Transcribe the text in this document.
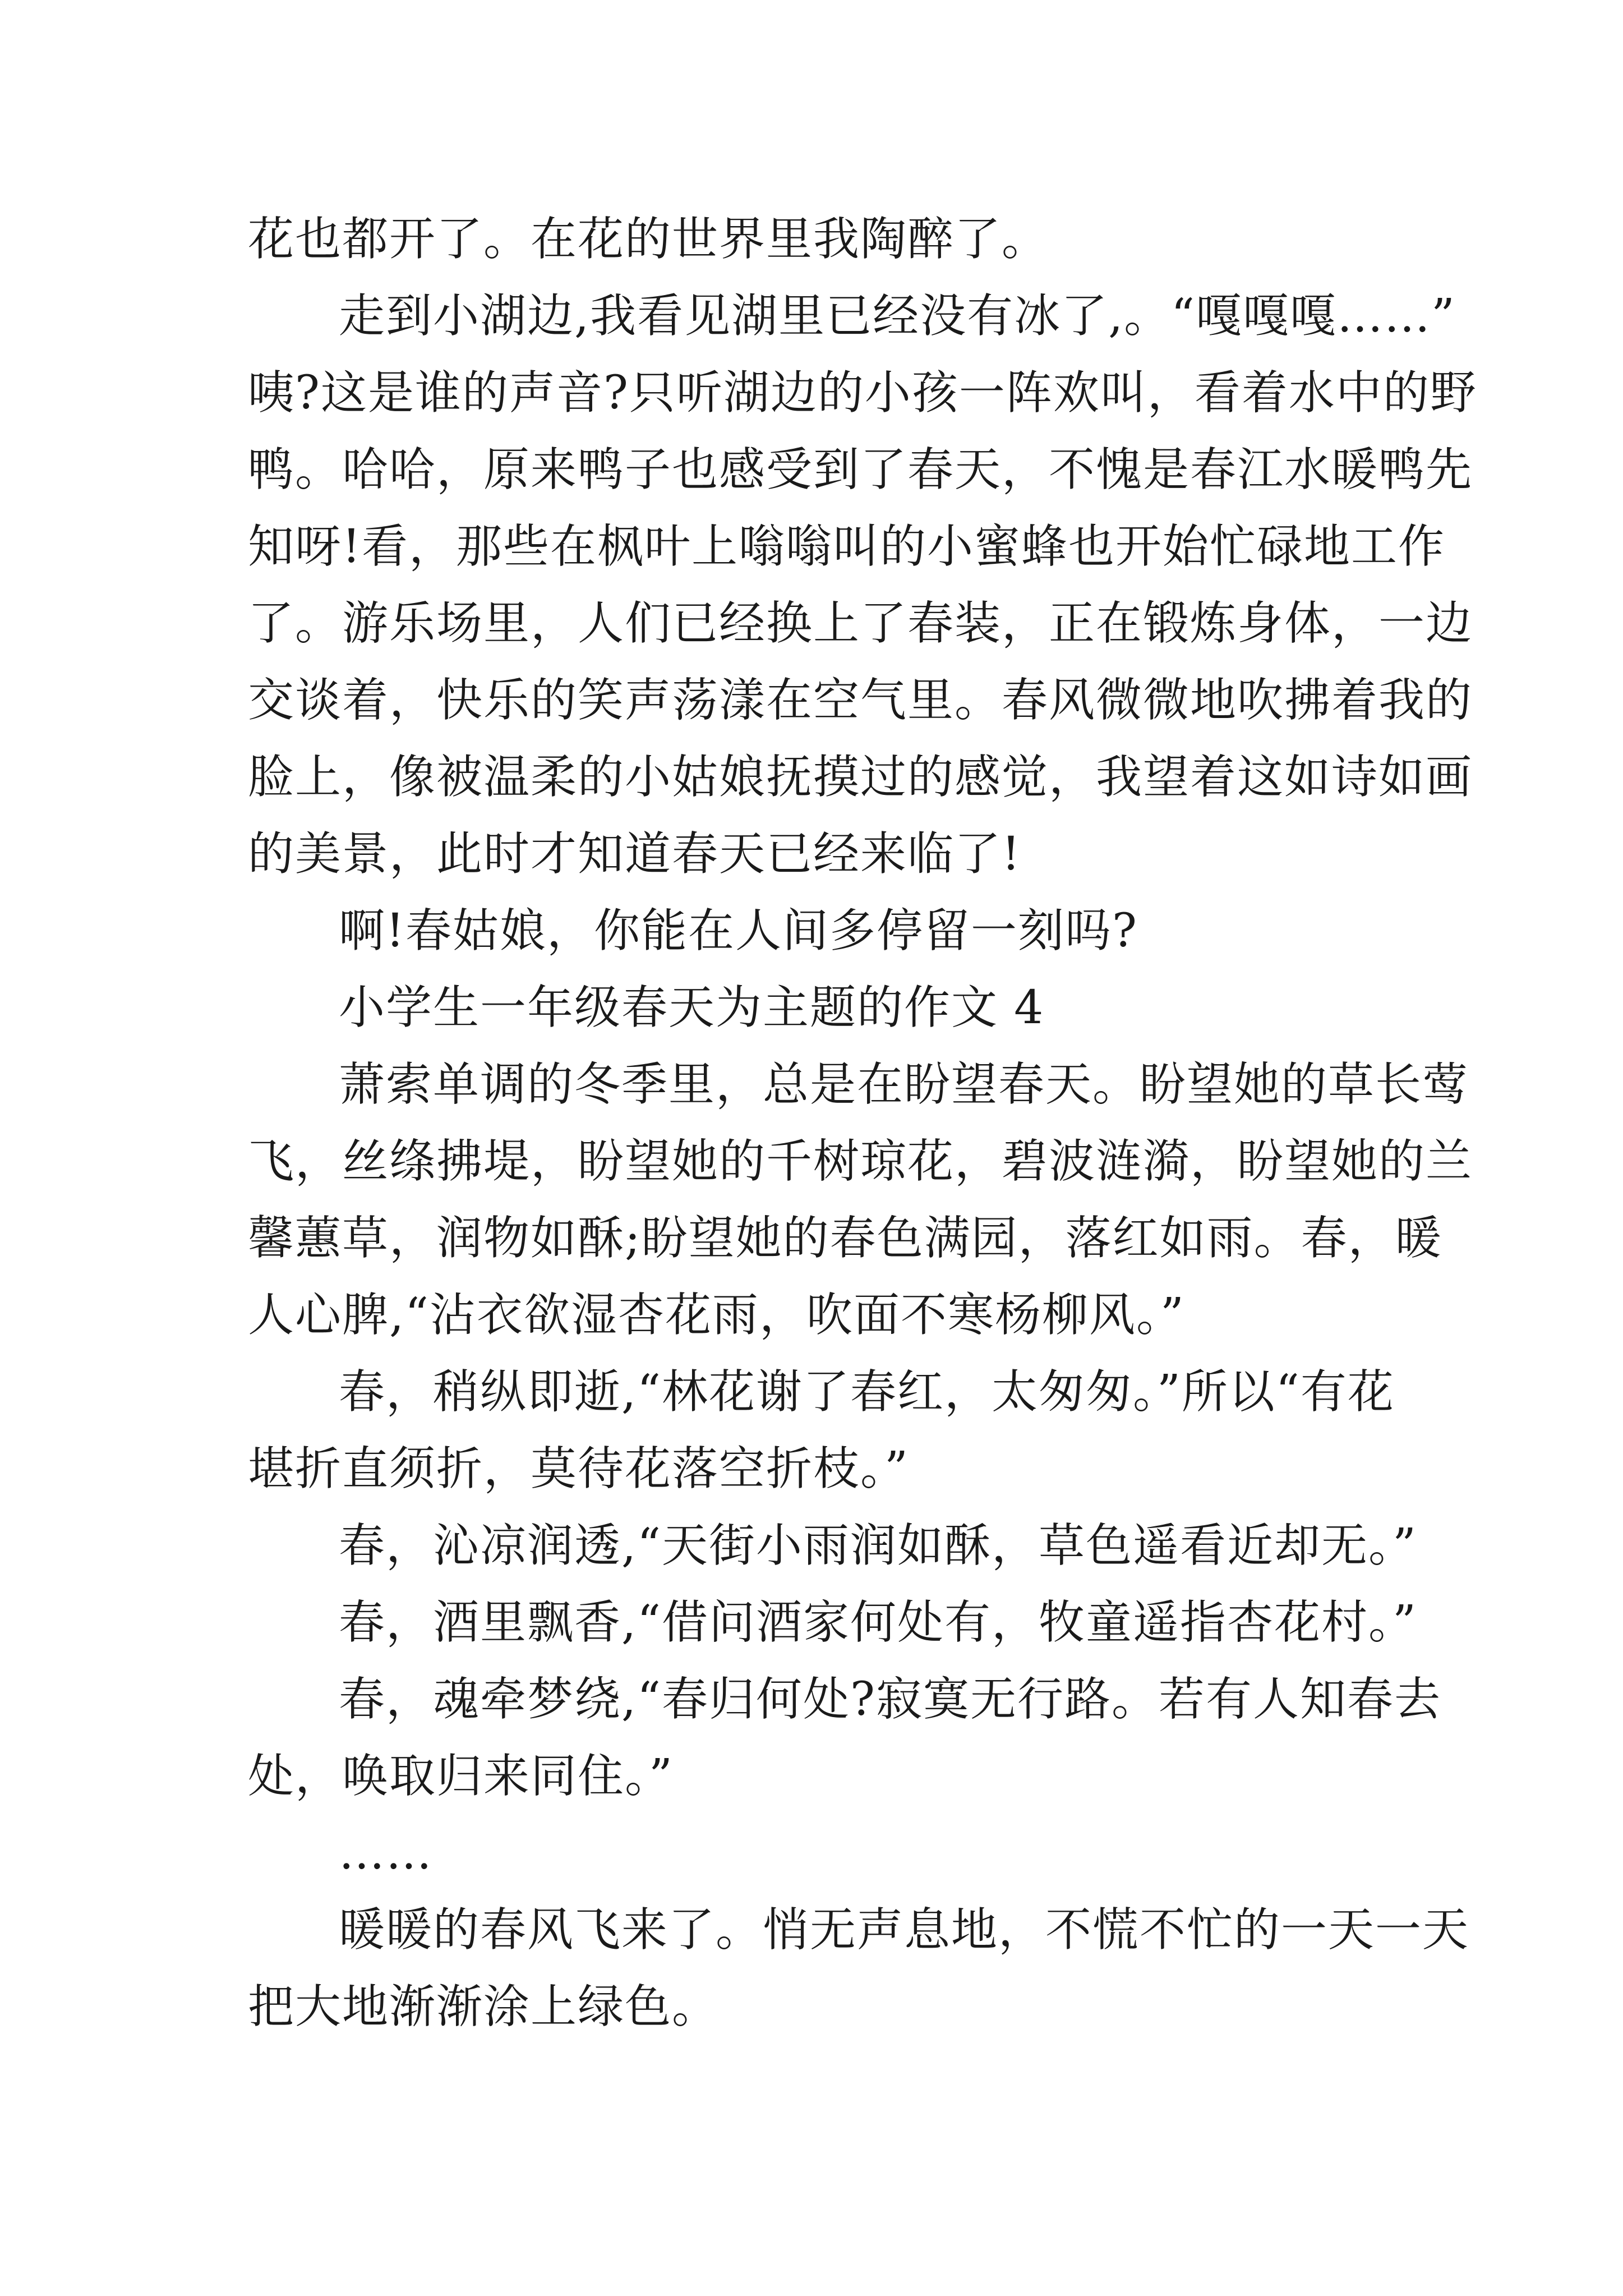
花也都开了。在花的世界里我陶醉了。
走到小湖边,我看见湖里已经没有冰了,。“嘎嘎嘎……”
咦?这是谁的声音?只听湖边的小孩一阵欢叫，看着水中的野
鸭。哈哈，原来鸭子也感受到了春天，不愧是春江水暖鸭先
知呀!看，那些在枫叶上嗡嗡叫的小蜜蜂也开始忙碌地工作
了。游乐场里，人们已经换上了春装，正在锻炼身体，一边
交谈着，快乐的笑声荡漾在空气里。春风微微地吹拂着我的
脸上，像被温柔的小姑娘抚摸过的感觉，我望着这如诗如画
的美景，此时才知道春天已经来临了!
啊!春姑娘，你能在人间多停留一刻吗?
小学生一年级春天为主题的作文 4
萧索单调的冬季里，总是在盼望春天。盼望她的草长莺
飞，丝绦拂堤，盼望她的千树琼花，碧波涟漪，盼望她的兰
馨蕙草，润物如酥;盼望她的春色满园，落红如雨。春，暖
人心脾,“沾衣欲湿杏花雨，吹面不寒杨柳风。”
春，稍纵即逝,“林花谢了春红，太匆匆。”所以“有花
堪折直须折，莫待花落空折枝。”
春，沁凉润透,“天街小雨润如酥，草色遥看近却无。”
春，酒里飘香,“借问酒家何处有，牧童遥指杏花村。”
春，魂牵梦绕,“春归何处?寂寞无行路。若有人知春去
处，唤取归来同住。”
……
暖暖的春风飞来了。悄无声息地，不慌不忙的一天一天
把大地渐渐涂上绿色。
